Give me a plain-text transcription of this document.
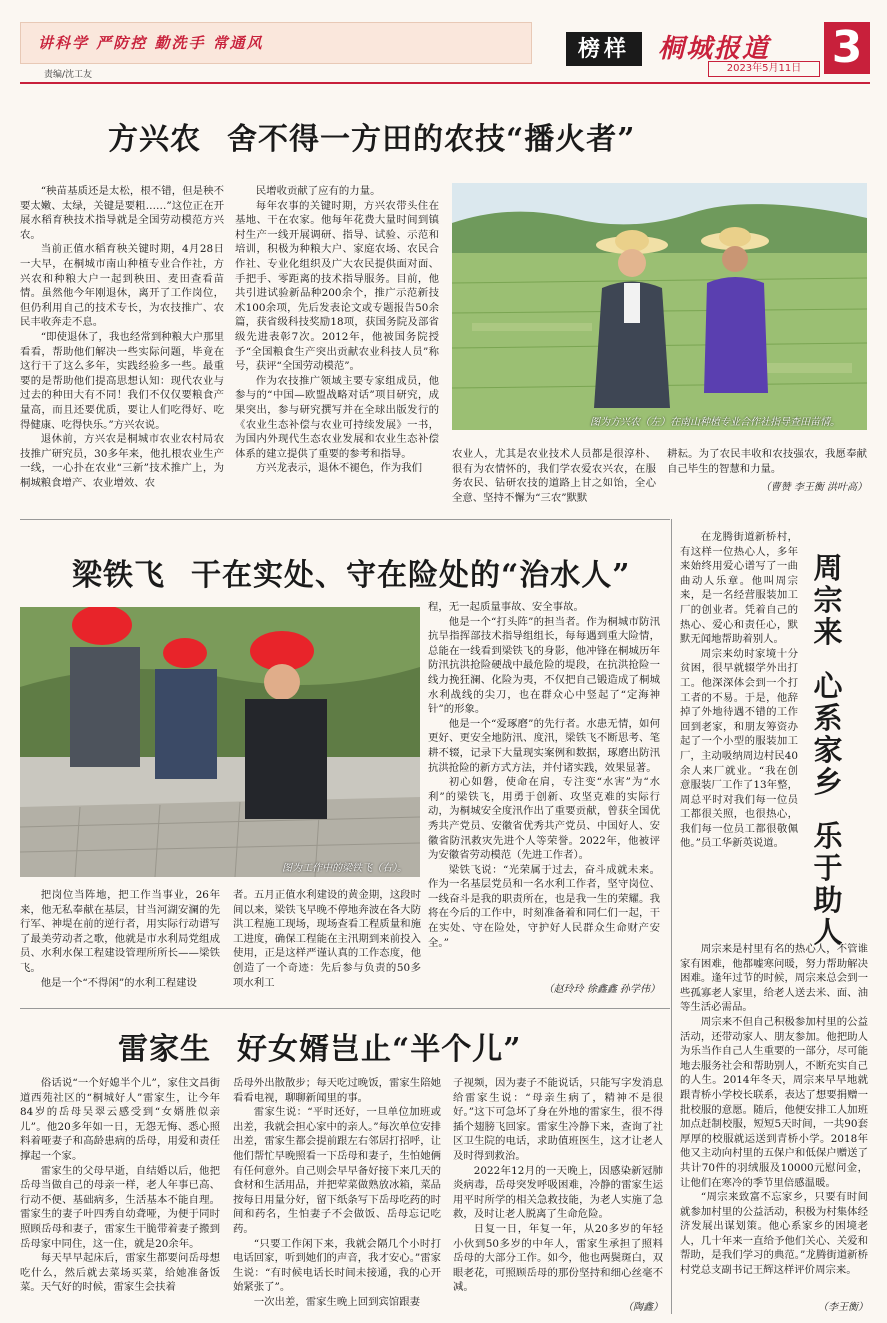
讲科学 严防控 勤洗手 常通风
责编/沈工友
榜样	桐城报道
2023年5月11日 3
方兴农 舍不得一方田的农技“播火者”

“秧苗基质还是太松，根不错，但是秧不要太嫩、太绿，关键是要粗……”这位正在开展水稻育秧技术指导就是全国劳动模范方兴农。

当前正值水稻育秧关键时期，4月28日一大早，在桐城市南山种植专业合作社，方兴农和种粮大户一起到秧田、麦田查看苗情。虽然他今年刚退休，离开了工作岗位，但仍利用自己的技术专长，为农技推广、农民丰收奔走不息。

“即使退休了，我也经常到种粮大户那里看看，帮助他们解决一些实际问题，毕竟在这行干了这么多年，实践经验多一些。最重要的是帮助他们提高思想认知：现代农业与过去的种田大有不同！我们不仅仅要粮食产量高，而且还要优质，要让人们吃得好、吃得健康、吃得快乐。”方兴农说。

退休前，方兴农是桐城市农业农村局农技推广研究员，30多年来，他扎根农业生产一线，一心扑在农业“三新”技术推广上，为桐城粮食增产、农业增效、农

民增收贡献了应有的力量。

每年农事的关键时期，方兴农带头住在基地、干在农家。他每年花费大量时间到镇村生产一线开展调研、指导、试验、示范和培训，积极为种粮大户、家庭农场、农民合作社、专业化组织及广大农民提供面对面、手把手、零距离的技术指导服务。目前，他共引进试验新品种200余个，推广示范新技术100余项，先后发表论文或专题报告50余篇，获省级科技奖励18项，获国务院及部省级先进表彰7次。2012年，他被国务院授予“全国粮食生产突出贡献农业科技人员”称号，获评“全国劳动模范”。

作为农技推广领域主要专家组成员，他参与的“中国—欧盟战略对话”项目研究，成果突出，参与研究撰写并在全球出版发行的《农业生态补偿与农业可持续发展》一书，为国内外现代生态农业发展和农业生态补偿体系的建立提供了重要的参考和指导。

方兴龙表示，退休不褪色，作为我们

图为方兴农（左）在南山种植专业合作社指导查田苗情。

农业人，尤其是农业技术人员都是很淳朴、很有为农情怀的，我们学农爱农兴农，在服务农民、钻研农技的道路上甘之如饴，全心全意、坚持不懈为“三农”默默

耕耘。为了农民丰收和农技强农，我愿奉献自己毕生的智慧和力量。

（曹赞 李王衡 洪叶高）
梁铁飞 干在实处、守在险处的“治水人”
图为工作中的梁铁飞（右）。

把岗位当阵地，把工作当事业，26年来，他无私奉献在基层，甘当河湖安澜的先行军、神堤在前的逆行者，用实际行动谱写了最美劳动者之歌，他就是市水利局党组成员、水利水保工程建设管理所所长——梁铁飞。

他是一个“不得闲”的水利工程建设

者。五月正值水利建设的黄金期，这段时间以来，梁铁飞早晚不停地奔波在各大防洪工程施工现场，现场查看工程质量和施工进度，确保工程能在主汛期到来前投入使用，正是这样严谨认真的工作态度，他创造了一个奇迹：先后参与负责的50多项水利工

程，无一起质量事故、安全事故。

他是一个“打头阵”的担当者。作为桐城市防汛抗旱指挥部技术指导组组长，每每遇到重大险情，总能在一线看到梁铁飞的身影，他冲锋在桐城历年防汛抗洪抢险硬战中最危险的堤段，在抗洪抢险一线力挽狂澜、化险为夷，不仅把自己锻造成了桐城水利战线的尖刀，也在群众心中竖起了“定海神针”的形象。

他是一个“爱琢磨”的先行者。水患无情，如何更好、更安全地防汛、度汛，梁铁飞不断思考、笔耕不辍，记录下大量现实案例和数据，琢磨出防汛抗洪抢险的新方式方法，并付诸实践，效果显著。

初心如磐，使命在肩，专注变“水害”为“水利”的梁铁飞，用勇于创新、攻坚克难的实际行动，为桐城安全度汛作出了重要贡献，曾获全国优秀共产党员、安徽省优秀共产党员、中国好人、安徽省防汛救灾先进个人等荣誉。2022年，他被评为安徽省劳动模范（先进工作者）。

梁铁飞说：“光荣属于过去，奋斗成就未来。作为一名基层党员和一名水利工作者，坚守岗位、一线奋斗是我的职责所在，也是我一生的荣耀。我将在今后的工作中，时刻准备着和同仁们一起，干在实处、守在险处，守护好人民群众生命财产安全。”

（赵玲玲 徐鑫鑫 孙学伟）
雷家生 好女婿岂止“半个儿”

俗话说“一个好媳半个儿”，家住文昌街道西苑社区的“桐城好人”雷家生，让今年84岁的岳母吴翠云感受到“女婿胜似亲儿”。他20多年如一日，无怨无悔、悉心照料着哑妻子和高龄患病的岳母，用爱和责任撑起一个家。

雷家生的父母早逝，自结婚以后，他把岳母当做自己的母亲一样，老人年事已高、行动不便、基础病多，生活基本不能自理。雷家生的妻子叶四秀自幼聋哑，为便于同时照顾岳母和妻子，雷家生干脆带着妻子搬到岳母家中同住，这一住，就是20余年。

每天早早起床后，雷家生都要问岳母想吃什么，然后就去菜场买菜，给她准备饭菜。天气好的时候，雷家生会扶着

岳母外出散散步；每天吃过晚饭，雷家生陪她看看电视，聊聊新闻里的事。

雷家生说：“平时还好，一旦单位加班或出差，我就会担心家中的亲人。”每次单位安排出差，雷家生都会提前跟左右邻居打招呼，让他们帮忙早晚照看一下岳母和妻子，生怕她俩有任何意外。自己则会早早备好接下来几天的食材和生活用品，并把荤菜做熟放冰箱，菜品按每日用量分好，留下纸条写下岳母吃药的时间和药名，生怕妻子不会做饭、岳母忘记吃药。

“只要工作闲下来，我就会隔几个小时打电话回家，听到她们的声音，我才安心。”雷家生说：“有时候电话长时间未接通，我的心开始紧张了”。

一次出差，雷家生晚上回到宾馆跟妻

子视频，因为妻子不能说话，只能写字发消息给雷家生说：“母亲生病了，精神不是很好。”这下可急坏了身在外地的雷家生，很不得插个翅膀飞回家。雷家生冷静下来，查询了社区卫生院的电话，求助值班医生，这才让老人及时得到救治。

2022年12月的一天晚上，因感染新冠肺炎病毒，岳母突发呼吸困难，冷静的雷家生运用平时所学的相关急救技能，为老人实施了急救，及时让老人脱离了生命危险。

日复一日，年复一年，从20多岁的年轻小伙到50多岁的中年人，雷家生承担了照料岳母的大部分工作。如今，他也两鬓斑白，双眼老花，可照顾岳母的那份坚持和细心丝毫不减。

（陶鑫）

在龙腾街道新桥村，有这样一位热心人，多年来始终用爱心谱写了一曲曲动人乐章。他叫周宗来，是一名经营服装加工厂的创业者。凭着自己的热心、爱心和责任心，默默无闻地帮助着别人。

周宗来幼时家境十分贫困，很早就辍学外出打工。他深深体会到一个打工者的不易。于是，他辞掉了外地待遇不错的工作回到老家，和朋友筹资办起了一个小型的服装加工厂，主动吸纳周边村民40余人来厂就业。“我在创意服装厂工作了13年整，周总平时对我们每一位员工都很关照，也很热心，我们每一位员工都很敬佩他。”员工华新英说道。

周
宗
来
心
系
家
乡
乐
于
助
人

周宗来是村里有名的热心人，不管谁家有困难，他都嘘寒问暖，努力帮助解决困难。逢年过节的时候，周宗来总会到一些孤寡老人家里，给老人送去米、面、油等生活必需品。

周宗来不但自己积极参加村里的公益活动，还带动家人、朋友参加。他把助人为乐当作自己人生重要的一部分，尽可能地去服务社会和帮助别人，不断充实自己的人生。2014年冬天，周宗来早早地就跟青桥小学校长联系，表达了想要捐赠一批校服的意愿。随后，他便安排工人加班加点赶制校服，短短5天时间，一共90套厚厚的校服就运送到青桥小学。2018年他又主动向村里的五保户和低保户赠送了共计70件的羽绒服及10000元慰问金，让他们在寒冷的季节里倍感温暖。

“周宗来致富不忘家乡，只要有时间就参加村里的公益活动，积极为村集体经济发展出谋划策。他心系家乡的困境老人，几十年来一直给予他们关心、关爱和帮助，是我们学习的典范。”龙腾街道新桥村党总支副书记王辉这样评价周宗来。

（李王衡）
